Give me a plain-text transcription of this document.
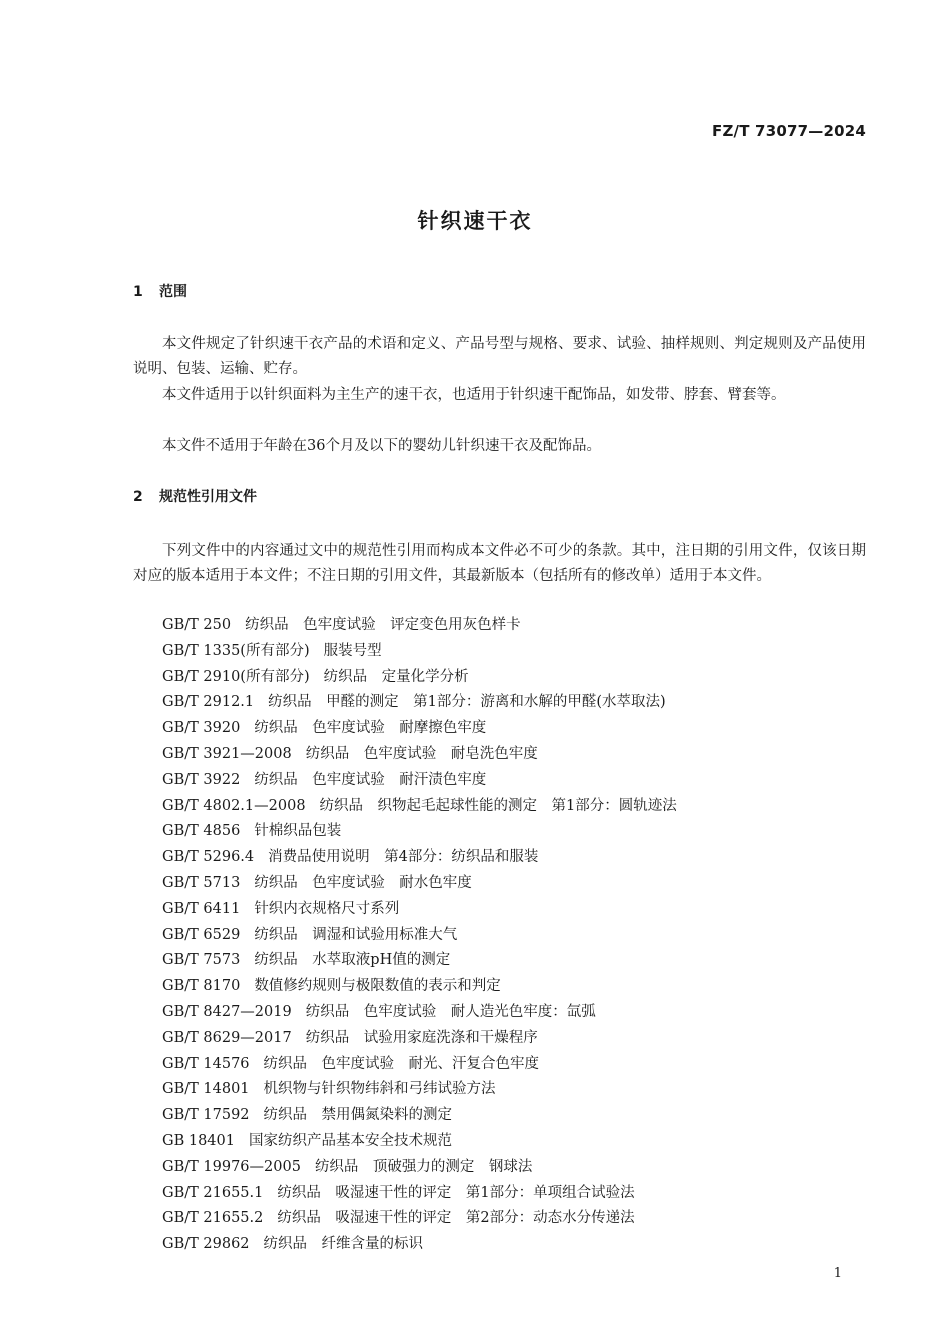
FZ/T 73077—2024
针织速干衣
1 范围

本文件规定了针织速干衣产品的术语和定义、产品号型与规格、要求、试验、抽样规则、判定规则及产品使用说明、包装、运输、贮存。

本文件适用于以针织面料为主生产的速干衣，也适用于针织速干配饰品，如发带、脖套、臂套等。

本文件不适用于年龄在36个月及以下的婴幼儿针织速干衣及配饰品。

2 规范性引用文件

下列文件中的内容通过文中的规范性引用而构成本文件必不可少的条款。其中，注日期的引用文件，仅该日期对应的版本适用于本文件；不注日期的引用文件，其最新版本（包括所有的修改单）适用于本文件。

GB/T 250 纺织品　色牢度试验　评定变色用灰色样卡
GB/T 1335(所有部分) 服装号型
GB/T 2910(所有部分) 纺织品　定量化学分析
GB/T 2912.1 纺织品　甲醛的测定　第1部分：游离和水解的甲醛(水萃取法)
GB/T 3920 纺织品　色牢度试验　耐摩擦色牢度
GB/T 3921—2008 纺织品　色牢度试验　耐皂洗色牢度
GB/T 3922 纺织品　色牢度试验　耐汗渍色牢度
GB/T 4802.1—2008 纺织品　织物起毛起球性能的测定　第1部分：圆轨迹法
GB/T 4856 针棉织品包装
GB/T 5296.4 消费品使用说明　第4部分：纺织品和服装
GB/T 5713 纺织品　色牢度试验　耐水色牢度
GB/T 6411 针织内衣规格尺寸系列
GB/T 6529 纺织品　调湿和试验用标准大气
GB/T 7573 纺织品　水萃取液pH值的测定
GB/T 8170 数值修约规则与极限数值的表示和判定
GB/T 8427—2019 纺织品　色牢度试验　耐人造光色牢度：氙弧
GB/T 8629—2017 纺织品　试验用家庭洗涤和干燥程序
GB/T 14576 纺织品　色牢度试验　耐光、汗复合色牢度
GB/T 14801 机织物与针织物纬斜和弓纬试验方法
GB/T 17592 纺织品　禁用偶氮染料的测定
GB 18401 国家纺织产品基本安全技术规范
GB/T 19976—2005 纺织品　顶破强力的测定　钢球法
GB/T 21655.1 纺织品　吸湿速干性的评定　第1部分：单项组合试验法
GB/T 21655.2 纺织品　吸湿速干性的评定　第2部分：动态水分传递法
GB/T 29862 纺织品　纤维含量的标识
1
